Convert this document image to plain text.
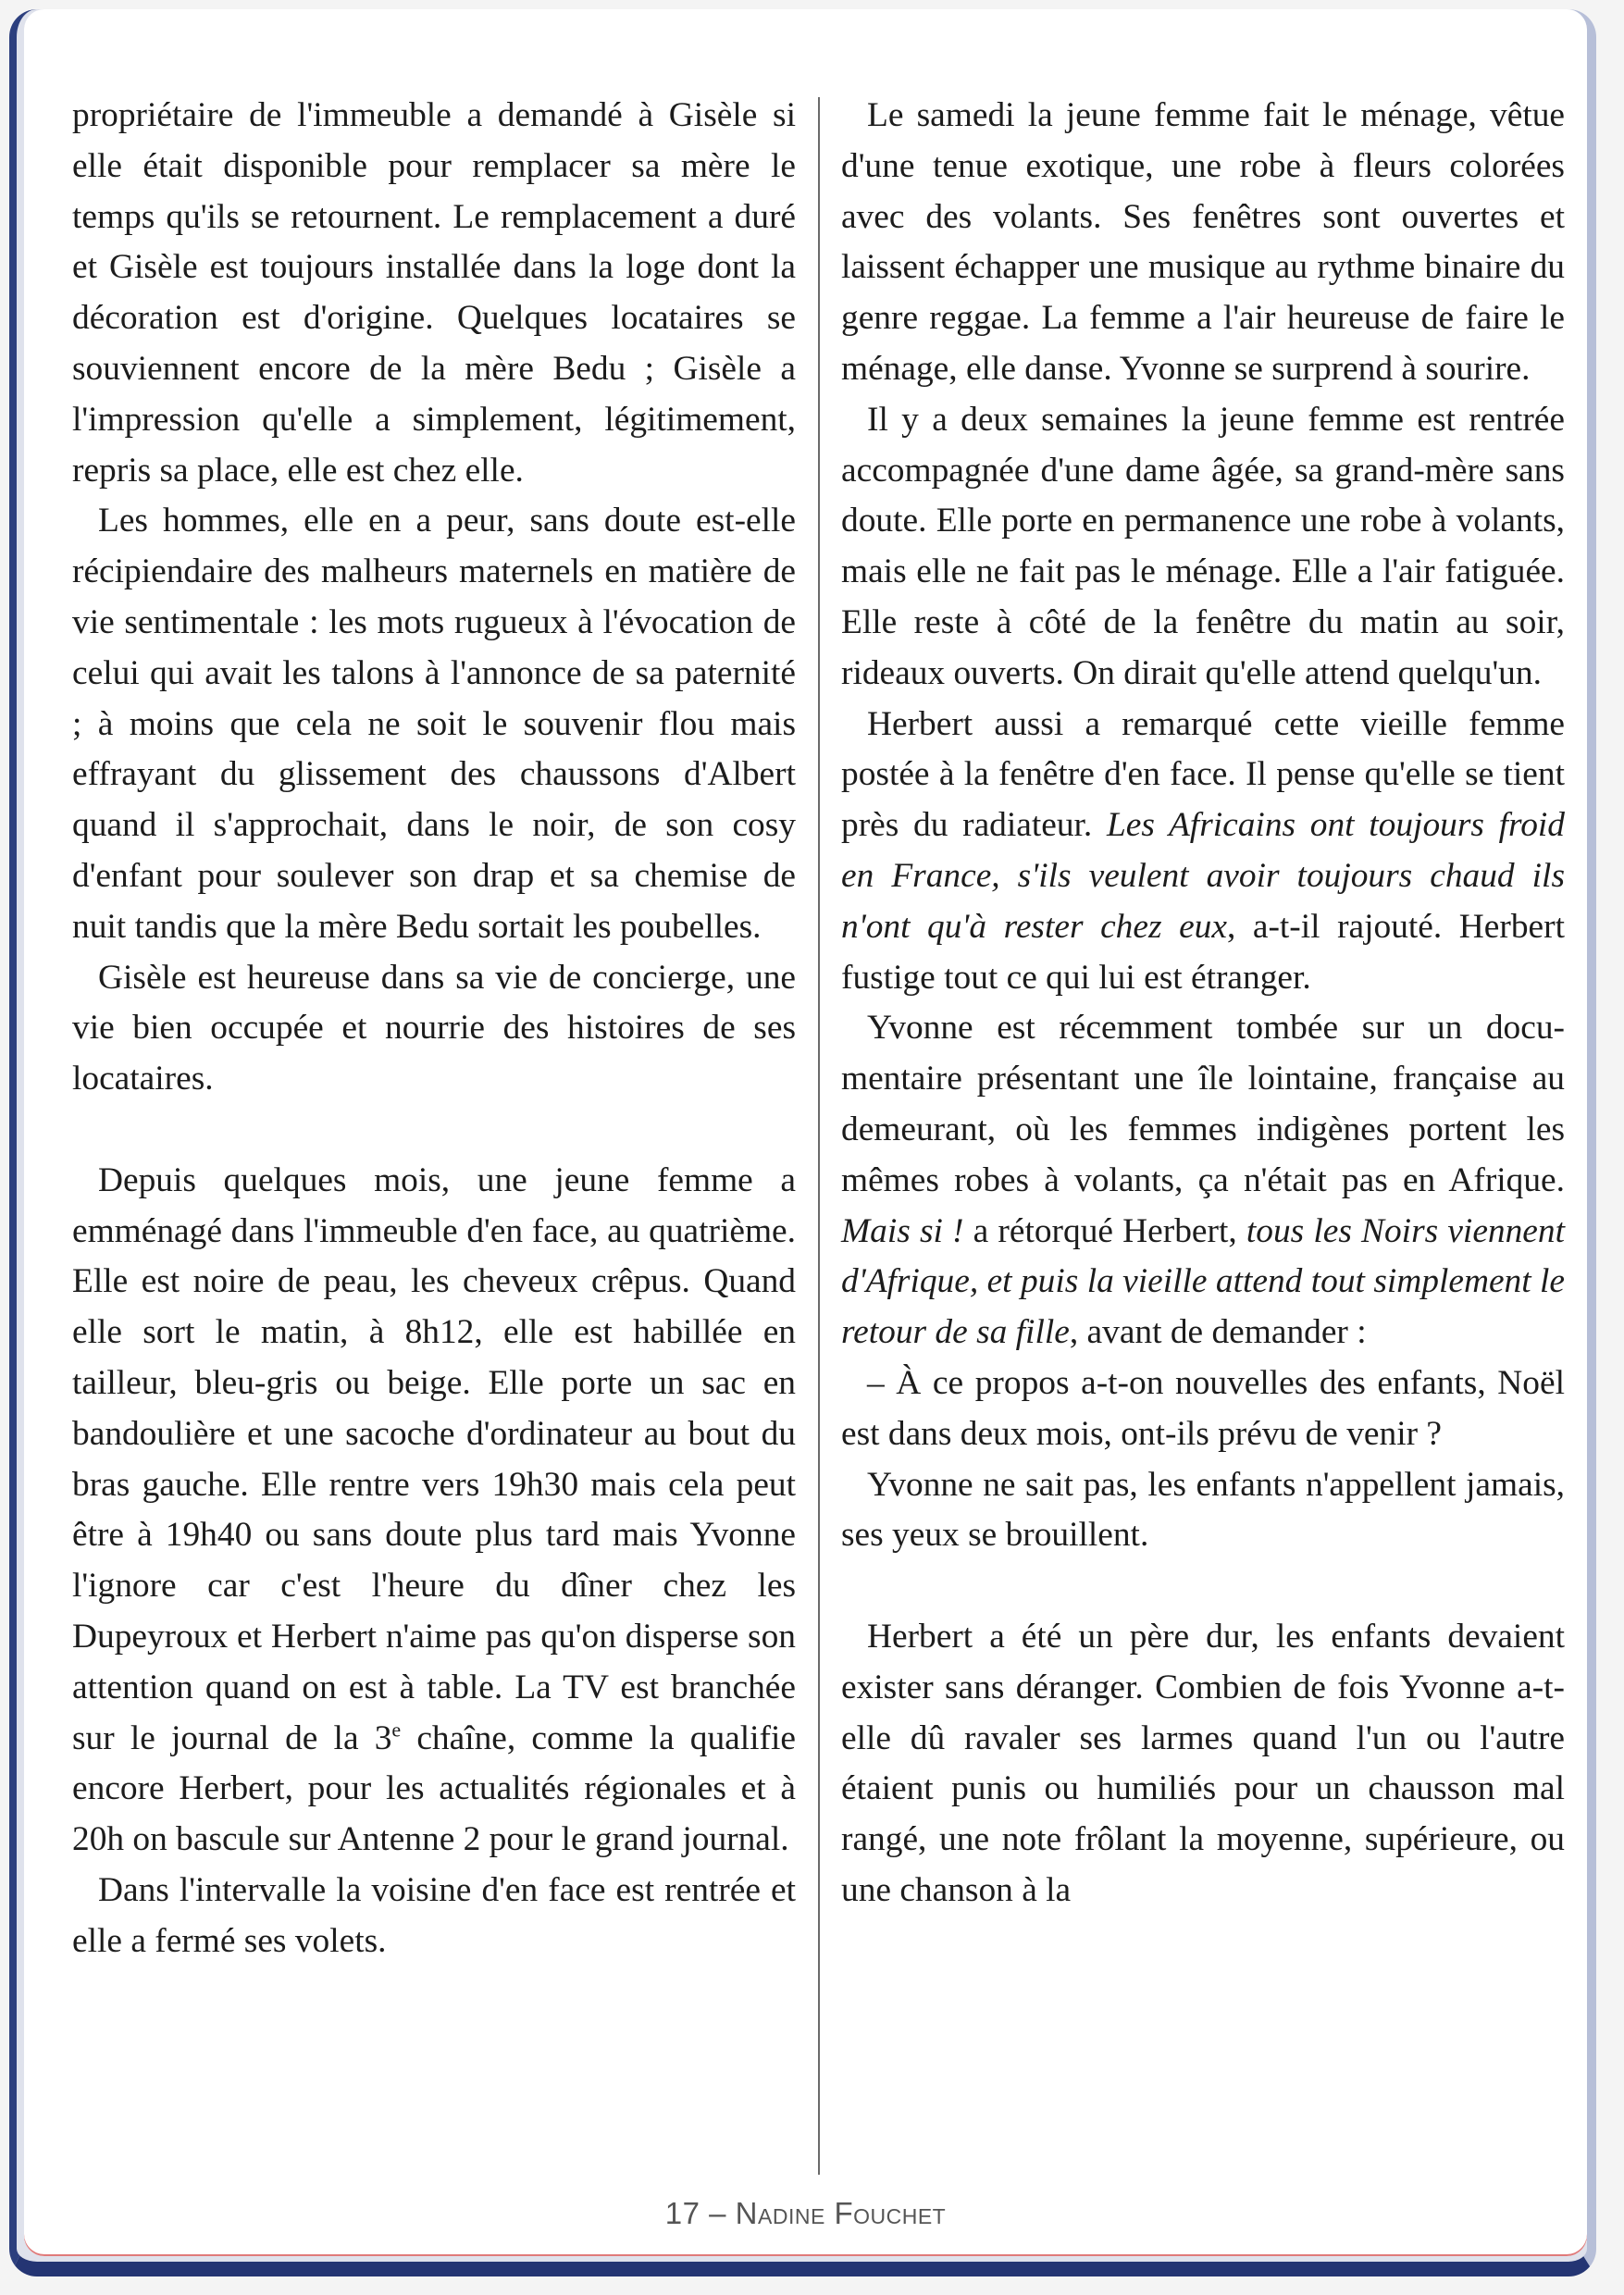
propriétaire de l'immeuble a demandé à Gisèle si elle était disponible pour remplacer sa mère le temps qu'ils se retournent. Le remplacement a duré et Gisèle est toujours installée dans la loge dont la décoration est d'origine. Quelques locataires se souviennent encore de la mère Bedu ; Gisèle a l'impression qu'elle a simplement, légitimement, repris sa place, elle est chez elle.

Les hommes, elle en a peur, sans doute est-elle récipiendaire des malheurs maternels en matière de vie sentimentale : les mots rugueux à l'évocation de celui qui avait les talons à l'annonce de sa paternité ; à moins que cela ne soit le souvenir flou mais effrayant du glissement des chaussons d'Albert quand il s'approchait, dans le noir, de son cosy d'enfant pour soulever son drap et sa chemise de nuit tandis que la mère Bedu sortait les poubelles.

Gisèle est heureuse dans sa vie de concierge, une vie bien occupée et nourrie des histoires de ses locataires.

Depuis quelques mois, une jeune femme a emménagé dans l'immeuble d'en face, au quatrième. Elle est noire de peau, les cheveux crêpus. Quand elle sort le matin, à 8h12, elle est habillée en tailleur, bleu-gris ou beige. Elle porte un sac en bandoulière et une sacoche d'ordinateur au bout du bras gauche. Elle rentre vers 19h30 mais cela peut être à 19h40 ou sans doute plus tard mais Yvonne l'ignore car c'est l'heure du dîner chez les Dupeyroux et Herbert n'aime pas qu'on disperse son attention quand on est à table. La TV est branchée sur le journal de la 3e chaîne, comme la qualifie encore Herbert, pour les actualités régionales et à 20h on bascule sur Antenne 2 pour le grand journal.

Dans l'intervalle la voisine d'en face est rentrée et elle a fermé ses volets.

Le samedi la jeune femme fait le ménage, vêtue d'une tenue exotique, une robe à fleurs colorées avec des volants. Ses fenêtres sont ouvertes et laissent échapper une musique au rythme binaire du genre reggae. La femme a l'air heureuse de faire le ménage, elle danse. Yvonne se surprend à sourire.

Il y a deux semaines la jeune femme est rentrée accompagnée d'une dame âgée, sa grand-mère sans doute. Elle porte en permanence une robe à volants, mais elle ne fait pas le ménage. Elle a l'air fatiguée. Elle reste à côté de la fenêtre du matin au soir, rideaux ouverts. On dirait qu'elle attend quelqu'un.

Herbert aussi a remarqué cette vieille femme postée à la fenêtre d'en face. Il pense qu'elle se tient près du radiateur. Les Africains ont toujours froid en France, s'ils veulent avoir toujours chaud ils n'ont qu'à rester chez eux, a-t-il rajouté. Herbert fustige tout ce qui lui est étranger.

Yvonne est récemment tombée sur un documentaire présentant une île lointaine, française au demeurant, où les femmes indigènes portent les mêmes robes à volants, ça n'était pas en Afrique. Mais si ! a rétorqué Herbert, tous les Noirs viennent d'Afrique, et puis la vieille attend tout simplement le retour de sa fille, avant de demander :

– À ce propos a-t-on nouvelles des enfants, Noël est dans deux mois, ont-ils prévu de venir ?

Yvonne ne sait pas, les enfants n'appellent jamais, ses yeux se brouillent.

Herbert a été un père dur, les enfants devaient exister sans déranger. Combien de fois Yvonne a-t-elle dû ravaler ses larmes quand l'un ou l'autre étaient punis ou humiliés pour un chausson mal rangé, une note frôlant la moyenne, supérieure, ou une chanson à la

17 – Nadine Fouchet
